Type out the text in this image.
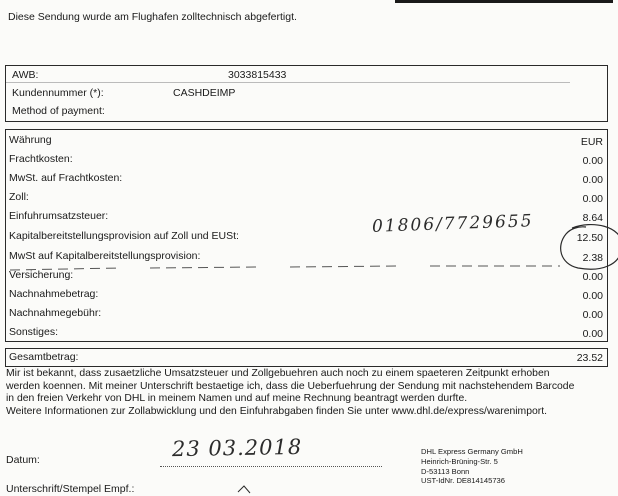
Diese Sendung wurde am Flughafen zolltechnisch abgefertigt.
AWB:	3033815433
Kundennummer (*):	CASHDEIMP
Method of payment:
Währung	EUR
Frachtkosten:	0.00
MwSt. auf Frachtkosten:	0.00
Zoll:	0.00
Einfuhrumsatzsteuer:	8.64
Kapitalbereitstellungsprovision auf Zoll und EUSt:	12.50
MwSt auf Kapitalbereitstellungsprovision:	2.38
Versicherung:	0.00
Nachnahmebetrag:	0.00
Nachnahmegebühr:	0.00
Sonstiges:	0.00
Gesamtbetrag:	23.52
Mir ist bekannt, dass zusaetzliche Umsatzsteuer und Zollgebuehren auch noch zu einem spaeteren Zeitpunkt erhoben
werden koennen. Mit meiner Unterschrift bestaetige ich, dass die Ueberfuehrung der Sendung mit nachstehendem Barcode
in den freien Verkehr von DHL in meinem Namen und auf meine Rechnung beantragt werden durfte.
Weitere Informationen zur Zollabwicklung und den Einfuhrabgaben finden Sie unter www.dhl.de/express/warenimport.
Datum:
Unterschrift/Stempel Empf.:
DHL Express Germany GmbH
Heinrich-Brüning-Str. 5
D-53113 Bonn
UST-IdNr. DE814145736
01806/7729655
23 03.2018
